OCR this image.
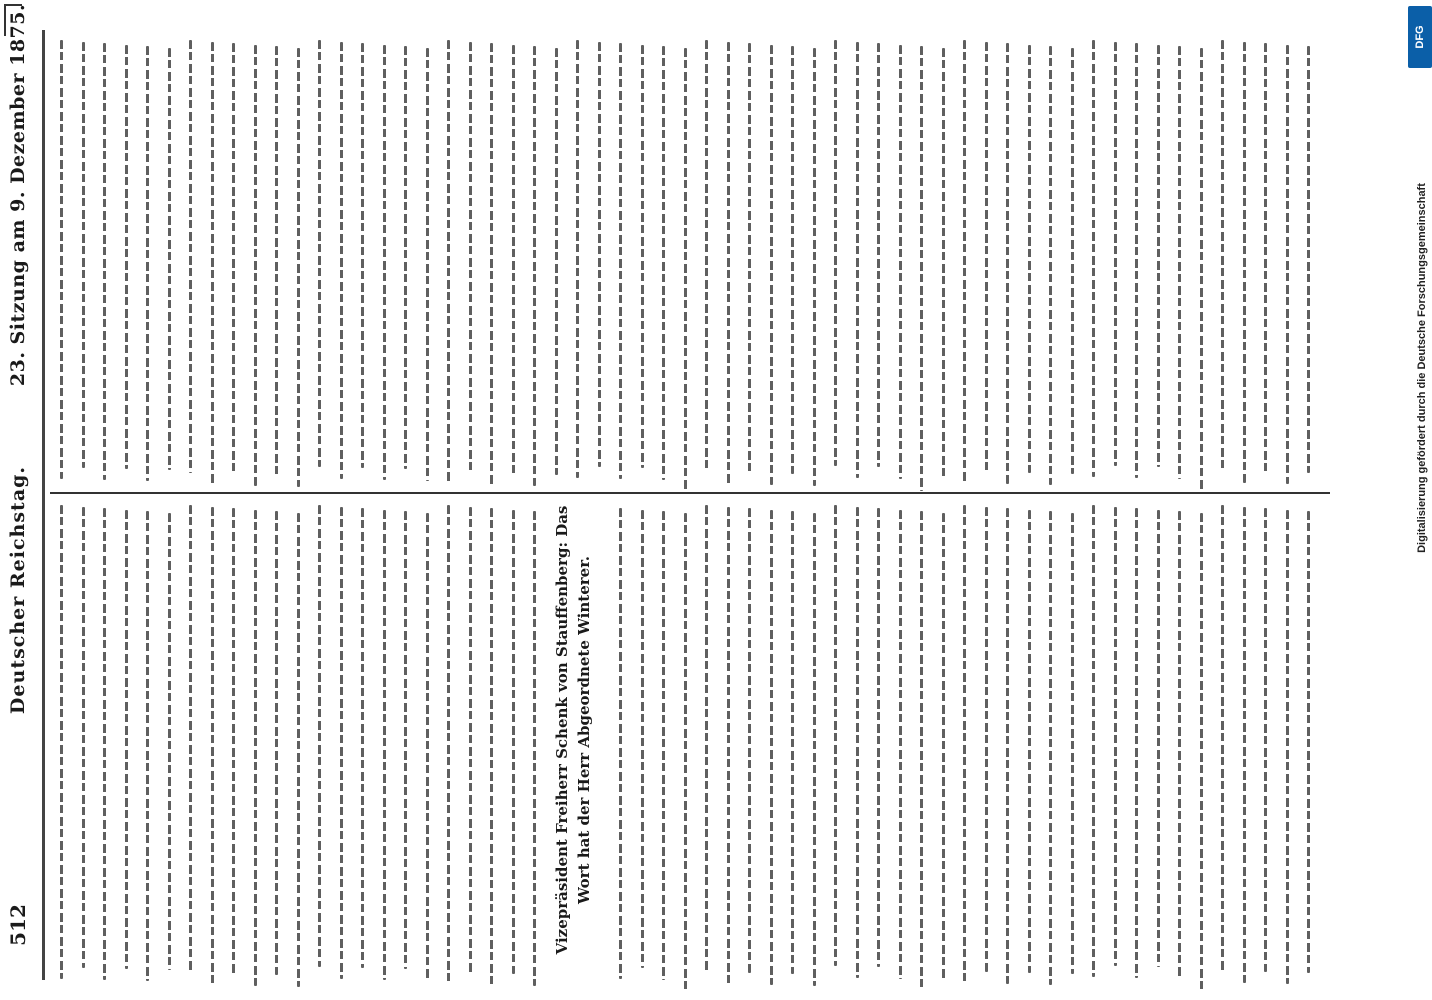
512
Deutscher Reichstag.
23. Sitzung am 9. Dezember 1875.
Vizepräsident Freiherr Schenk von Stauffenberg: Das Wort hat der Herr Abgeordnete Winterer.
Digitalisierung gefördert durch die Deutsche Forschungsgemeinschaft
DFG
